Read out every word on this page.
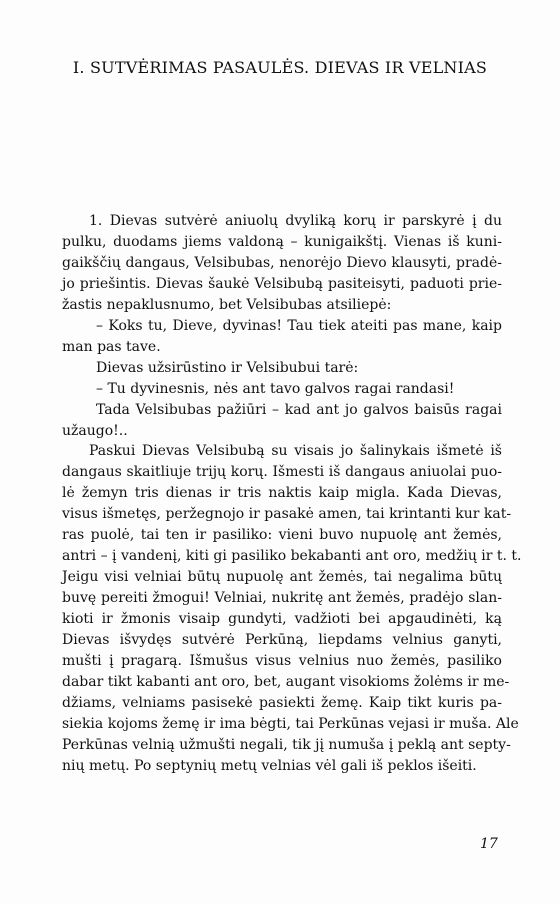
I. SUTVĖRIMAS PASAULĖS. DIEVAS IR VELNIAS
1. Dievas sutvėrė aniuolų dvyliką korų ir parskyrė į du
pulku, duodams jiems valdoną – kunigaikštį. Vienas iš kuni-
gaikščių dangaus, Velsibubas, nenorėjo Dievo klausyti, pradė-
jo priešintis. Dievas šaukė Velsibubą pasiteisyti, paduoti prie-
žastis nepaklusnumo, bet Velsibubas atsiliepė:
– Koks tu, Dieve, dyvinas! Tau tiek ateiti pas mane, kaip
man pas tave.
Dievas užsirūstino ir Velsibubui tarė:
– Tu dyvinesnis, nės ant tavo galvos ragai randasi!
Tada Velsibubas pažiūri – kad ant jo galvos baisūs ragai
užaugo!..
Paskui Dievas Velsibubą su visais jo šalinykais išmetė iš
dangaus skaitliuje trijų korų. Išmesti iš dangaus aniuolai puo-
lė žemyn tris dienas ir tris naktis kaip migla. Kada Dievas,
visus išmetęs, peržegnojo ir pasakė amen, tai krintanti kur kat-
ras puolė, tai ten ir pasiliko: vieni buvo nupuolę ant žemės,
antri – į vandenį, kiti gi pasiliko bekabanti ant oro, medžių ir t. t.
Jeigu visi velniai būtų nupuolę ant žemės, tai negalima būtų
buvę pereiti žmogui! Velniai, nukritę ant žemės, pradėjo slan-
kioti ir žmonis visaip gundyti, vadžioti bei apgaudinėti, ką
Dievas išvydęs sutvėrė Perkūną, liepdams velnius ganyti,
mušti į pragarą. Išmušus visus velnius nuo žemės, pasiliko
dabar tikt kabanti ant oro, bet, augant visokioms žolėms ir me-
džiams, velniams pasisekė pasiekti žemę. Kaip tikt kuris pa-
siekia kojoms žemę ir ima bėgti, tai Perkūnas vejasi ir muša. Ale
Perkūnas velnią užmušti negali, tik jį numuša į peklą ant septy-
nių metų. Po septynių metų velnias vėl gali iš peklos išeiti.
17
